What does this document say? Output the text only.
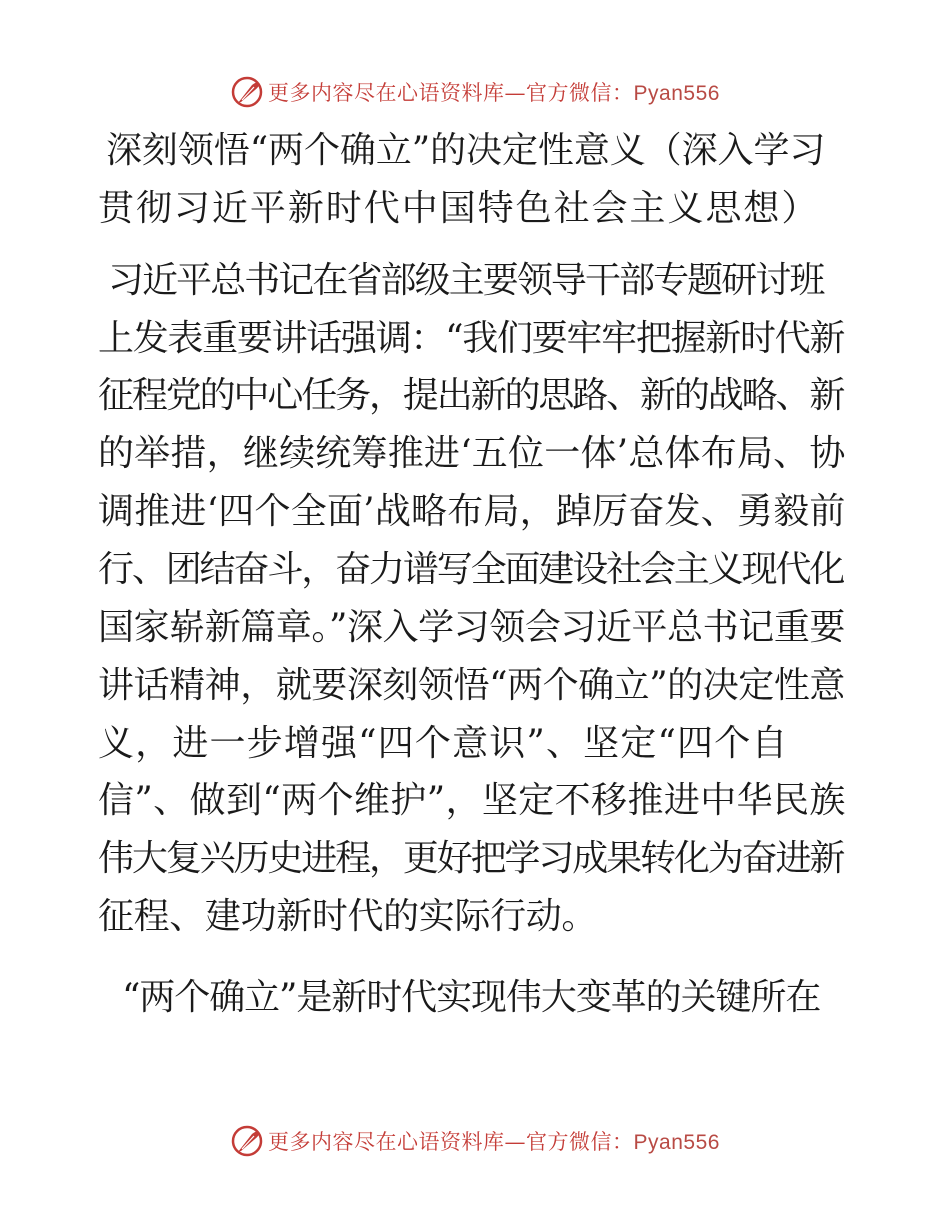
更多内容尽在心语资料库—官方微信：Pyan556
深刻领悟“两个确立”的决定性意义（深入学习
贯彻习近平新时代中国特色社会主义思想）
习近平总书记在省部级主要领导干部专题研讨班
上发表重要讲话强调：“我们要牢牢把握新时代新
征程党的中心任务，提出新的思路、新的战略、新
的举措，继续统筹推进‘五位一体’总体布局、协
调推进‘四个全面’战略布局，踔厉奋发、勇毅前
行、团结奋斗，奋力谱写全面建设社会主义现代化
国家崭新篇章。”深入学习领会习近平总书记重要
讲话精神，就要深刻领悟“两个确立”的决定性意
义，进一步增强“四个意识”、坚定“四个自
信”、做到“两个维护”，坚定不移推进中华民族
伟大复兴历史进程，更好把学习成果转化为奋进新
征程、建功新时代的实际行动。
“两个确立”是新时代实现伟大变革的关键所在
更多内容尽在心语资料库—官方微信：Pyan556
